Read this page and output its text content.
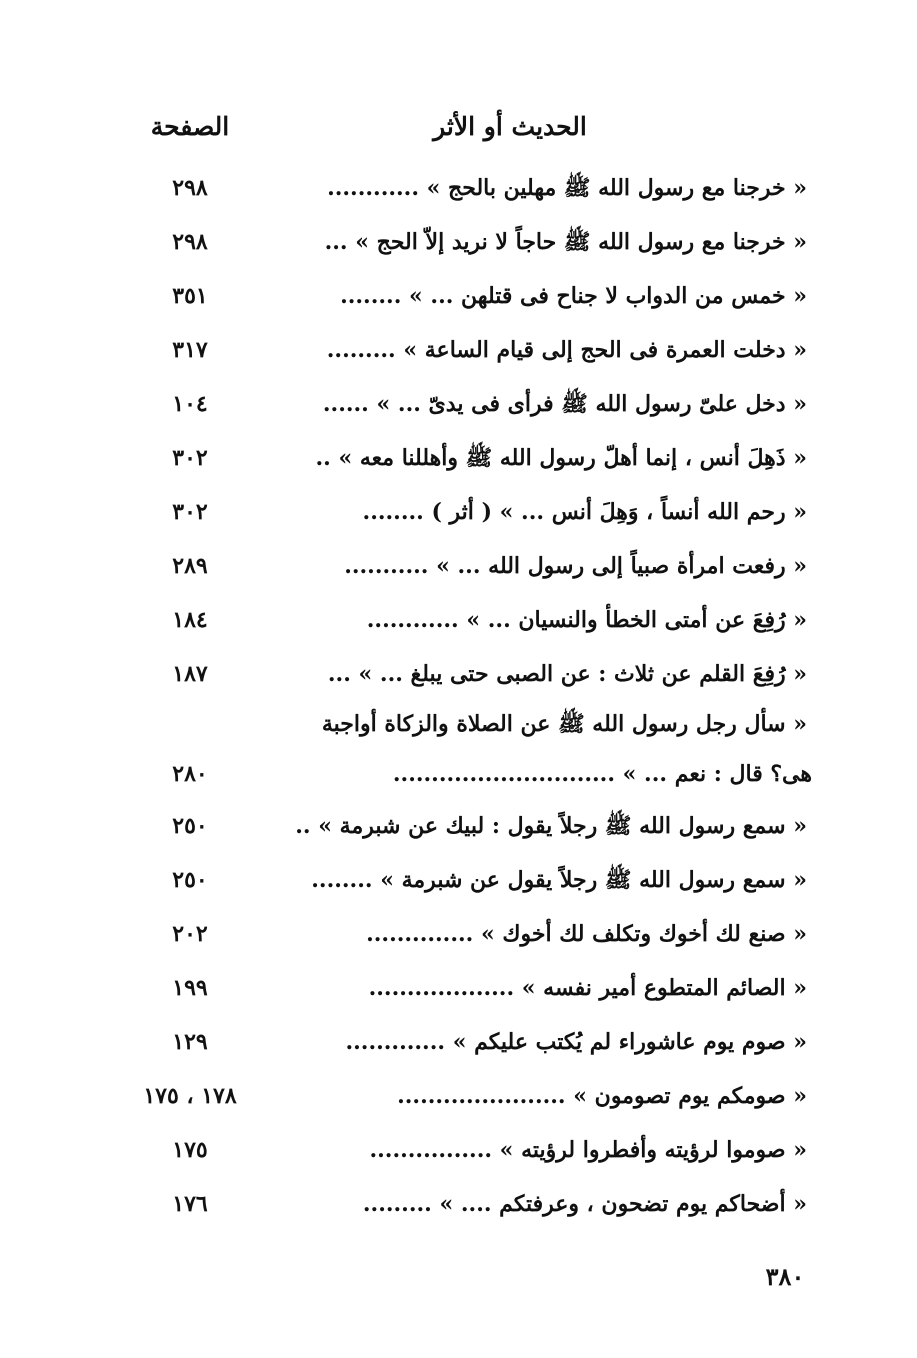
الحديث أو الأثر
الصفحة
« خرجنا مع رسول الله ﷺ مهلين بالحج » ............
٢٩٨
« خرجنا مع رسول الله ﷺ حاجاً لا نريد إلاّ الحج » ...
٢٩٨
« خمس من الدواب لا جناح فى قتلهن ... » ........
٣٥١
« دخلت العمرة فى الحج إلى قيام الساعة » .........
٣١٧
« دخل علىّ رسول الله ﷺ فرأى فى يدىّ ... » ......
١٠٤
« ذَهِلَ أنس ، إنما أهلّ رسول الله ﷺ وأهللنا معه » ..
٣٠٢
« رحم الله أنساً ، وَهِلَ أنس ... » ( أثر ) ........
٣٠٢
« رفعت امرأة صبياً إلى رسول الله ... » ...........
٢٨٩
« رُفِعَ عن أمتى الخطأ والنسيان ... » ............
١٨٤
« رُفِعَ القلم عن ثلاث : عن الصبى حتى يبلغ ... » ...
١٨٧
« سأل رجل رسول الله ﷺ عن الصلاة والزكاة أواجبة
هى؟ قال : نعم ... » .............................
٢٨٠
« سمع رسول الله ﷺ رجلاً يقول : لبيك عن شبرمة » ..
٢٥٠
« سمع رسول الله ﷺ رجلاً يقول عن شبرمة » ........
٢٥٠
« صنع لك أخوك وتكلف لك أخوك » ..............
٢٠٢
« الصائم المتطوع أمير نفسه » ...................
١٩٩
« صوم يوم عاشوراء لم يُكتب عليكم » .............
١٢٩
« صومكم يوم تصومون » ......................
١٧٨ ، ١٧٥
« صوموا لرؤيته وأفطروا لرؤيته » ................
١٧٥
« أضحاكم يوم تضحون ، وعرفتكم .... » .........
١٧٦
٣٨٠
